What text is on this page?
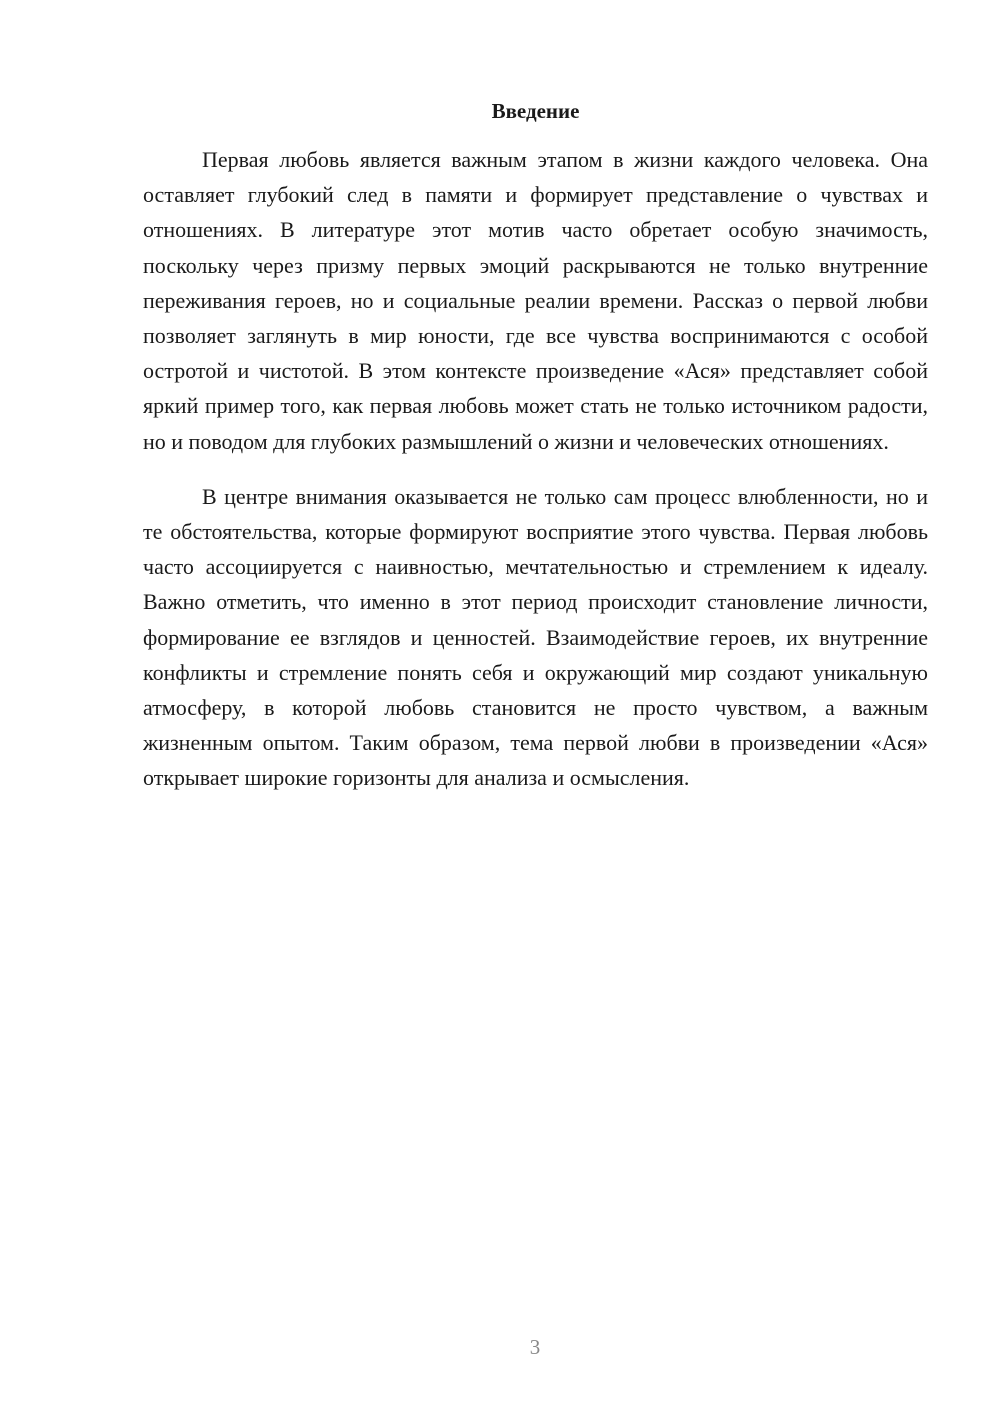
Введение

Первая любовь является важным этапом в жизни каждого человека. Она оставляет глубокий след в памяти и формирует представление о чувствах и отношениях. В литературе этот мотив часто обретает особую значимость, поскольку через призму первых эмоций раскрываются не только внутренние переживания героев, но и социальные реалии времени. Рассказ о первой любви позволяет заглянуть в мир юности, где все чувства воспринимаются с особой остротой и чистотой. В этом контексте произведение «Ася» представляет собой яркий пример того, как первая любовь может стать не только источником радости, но и поводом для глубоких размышлений о жизни и человеческих отношениях.

В центре внимания оказывается не только сам процесс влюбленности, но и те обстоятельства, которые формируют восприятие этого чувства. Первая любовь часто ассоциируется с наивностью, мечтательностью и стремлением к идеалу. Важно отметить, что именно в этот период происходит становление личности, формирование ее взглядов и ценностей. Взаимодействие героев, их внутренние конфликты и стремление понять себя и окружающий мир создают уникальную атмосферу, в которой любовь становится не просто чувством, а важным жизненным опытом. Таким образом, тема первой любви в произведении «Ася» открывает широкие горизонты для анализа и осмысления.

3
